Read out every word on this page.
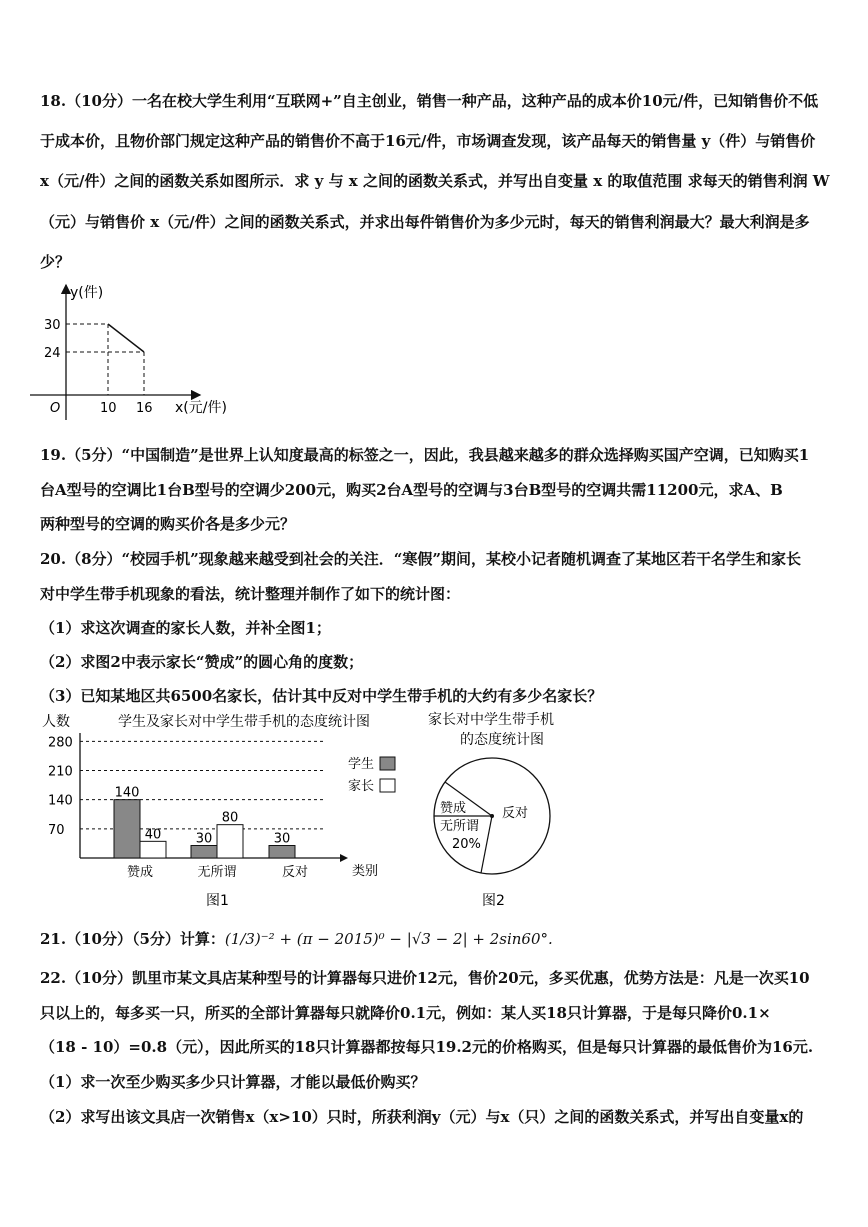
18.（10分）一名在校大学生利用“互联网+”自主创业，销售一种产品，这种产品的成本价10元/件，已知销售价不低
于成本价，且物价部门规定这种产品的销售价不高于16元/件，市场调查发现，该产品每天的销售量 y（件）与销售价
x（元/件）之间的函数关系如图所示．求 y 与 x 之间的函数关系式，并写出自变量 x 的取值范围 求每天的销售利润 W
（元）与销售价 x（元/件）之间的函数关系式，并求出每件销售价为多少元时，每天的销售利润最大？最大利润是多
少？
y(件)
30
24
O	10 16 x(元/件)
19.（5分）“中国制造”是世界上认知度最高的标签之一，因此，我县越来越多的群众选择购买国产空调，已知购买1
台A型号的空调比1台B型号的空调少200元，购买2台A型号的空调与3台B型号的空调共需11200元，求A、B
两种型号的空调的购买价各是多少元？
20.（8分）“校园手机”现象越来越受到社会的关注．“寒假”期间，某校小记者随机调查了某地区若干名学生和家长
对中学生带手机现象的看法，统计整理并制作了如下的统计图：
（1）求这次调查的家长人数，并补全图1；
（2）求图2中表示家长“赞成”的圆心角的度数；
（3）已知某地区共6500名家长，估计其中反对中学生带手机的大约有多少名家长？
人数	学生及家长对中学生带手机的态度统计图
70
140
210
280
140
40
赞成
30
80
无所谓
30
反对	类别
学生
家长
图1
家长对中学生带手机
的态度统计图
赞成
无所谓
20%
反对
图2
21.（10分）（5分）计算：(1/3)⁻² + (π − 2015)⁰ − |√3 − 2| + 2sin60°.
22.（10分）凯里市某文具店某种型号的计算器每只进价12元，售价20元，多买优惠，优势方法是：凡是一次买10
只以上的，每多买一只，所买的全部计算器每只就降价0.1元，例如：某人买18只计算器，于是每只降价0.1×
（18 - 10）=0.8（元），因此所买的18只计算器都按每只19.2元的价格购买，但是每只计算器的最低售价为16元.
（1）求一次至少购买多少只计算器，才能以最低价购买？
（2）求写出该文具店一次销售x（x>10）只时，所获利润y（元）与x（只）之间的函数关系式，并写出自变量x的
